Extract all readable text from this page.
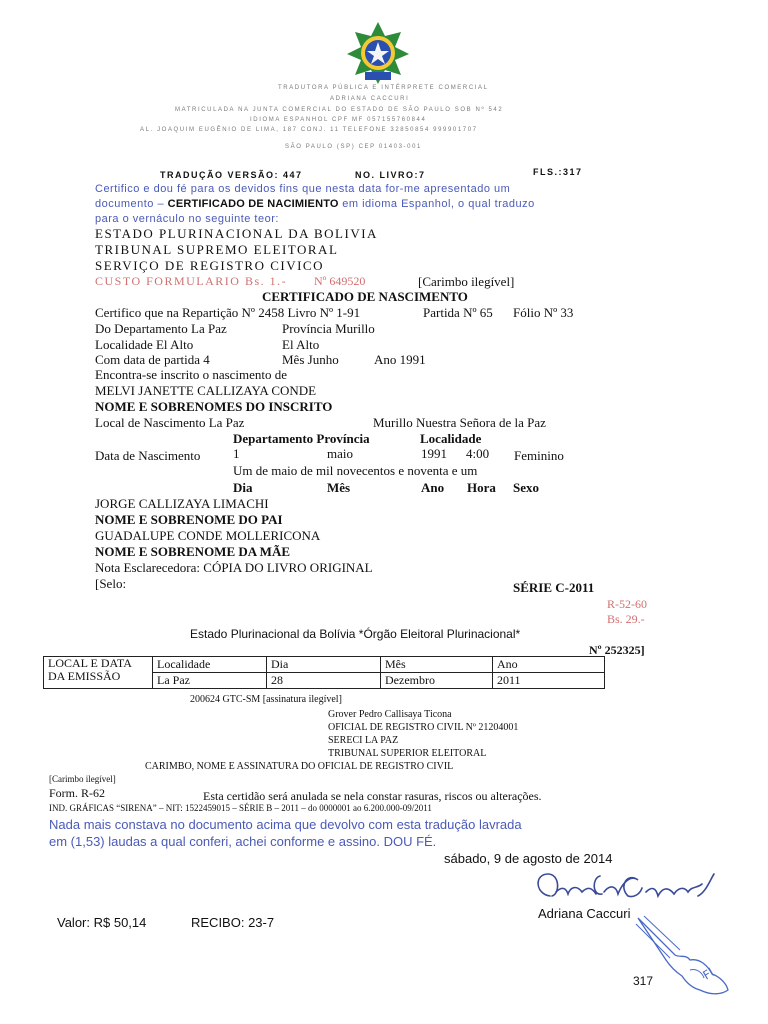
TRADUTORA PÚBLICA E INTÉRPRETE COMERCIAL
ADRIANA CACCURI
MATRICULADA NA JUNTA COMERCIAL DO ESTADO DE SÃO PAULO SOB Nº 542
IDIOMA ESPANHOL CPF MF 057155760844
AL. JOAQUIM EUGÊNIO DE LIMA, 187 CONJ. 11 TELEFONE 32850854 999901707
SÃO PAULO (SP) CEP 01403-001
TRADUÇÃO VERSÃO: 447	NO. LIVRO:7	FLS.:317
Certifico e dou fé para os devidos fins que nesta data for-me apresentado um
documento – CERTIFICADO DE NACIMIENTO em idioma Espanhol, o qual traduzo
para o vernáculo no seguinte teor:
ESTADO PLURINACIONAL DA BOLIVIA
TRIBUNAL SUPREMO ELEITORAL
SERVIÇO DE REGISTRO CIVICO
CUSTO FORMULARIO Bs. 1.- Nº 649520	[Carimbo ilegível]
CERTIFICADO DE NASCIMENTO
Certifico que na Repartição Nº 2458 Livro Nº 1-91	Partida Nº 65 Fólio Nº 33
Do Departamento La Paz	Província Murillo
Localidade El Alto	El Alto
Com data de partida 4	Mês Junho	Ano 1991
Encontra-se inscrito o nascimento de
MELVI JANETTE CALLIZAYA CONDE
NOME E SOBRENOMES DO INSCRITO
Local de Nascimento La Paz	Murillo Nuestra Señora de la Paz
Departamento Província	Localidade
Data de Nascimento	1	maio	1991 4:00 Feminino
Um de maio de mil novecentos e noventa e um
Dia	Mês	Ano Hora Sexo
JORGE CALLIZAYA LIMACHI
NOME E SOBRENOME DO PAI
GUADALUPE CONDE MOLLERICONA
NOME E SOBRENOME DA MÃE
Nota Esclarecedora: CÓPIA DO LIVRO ORIGINAL
[Selo:	SÉRIE C-2011
R-52-60
Bs. 29.-
Estado Plurinacional da Bolívia *Órgão Eleitoral Plurinacional*
Nº 252325]
LOCAL E DATA
DA EMISSÃO	Localidade	Dia	Mês	Ano
	La Paz	28	Dezembro	2011
200624 GTC-SM [assinatura ilegível]
Grover Pedro Callisaya Ticona
OFICIAL DE REGISTRO CIVIL Nº 21204001
SERECI LA PAZ
TRIBUNAL SUPERIOR ELEITORAL
CARIMBO, NOME E ASSINATURA DO OFICIAL DE REGISTRO CIVIL
[Carimbo ilegível]
Form. R-62	Esta certidão será anulada se nela constar rasuras, riscos ou alterações.
IND. GRÁFICAS “SIRENA” – NIT: 1522459015 – SÉRIE B – 2011 – do 0000001 ao 6.200.000-09/2011
Nada mais constava no documento acima que devolvo com esta tradução lavrada
em (1,53) laudas a qual conferi, achei conforme e assino. DOU FÉ.
sábado, 9 de agosto de 2014
Adriana Caccuri
Fl
Valor: R$ 50,14	RECIBO: 23-7
317
